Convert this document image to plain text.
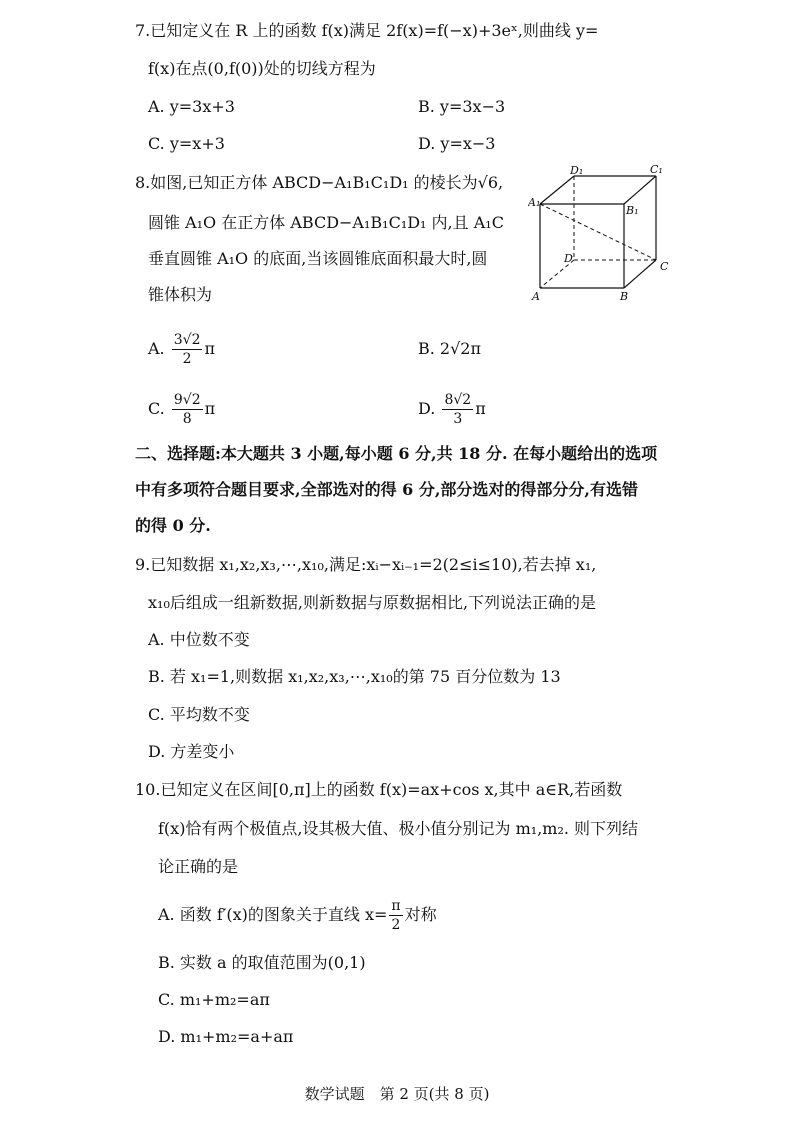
7.已知定义在 R 上的函数 f(x)满足 2f(x)=f(−x)+3eˣ,则曲线 y=
f(x)在点(0,f(0))处的切线方程为
A. y=3x+3	B. y=3x−3
C. y=x+3	D. y=x−3
8.如图,已知正方体 ABCD−A₁B₁C₁D₁ 的棱长为√6,
圆锥 A₁O 在正方体 ABCD−A₁B₁C₁D₁ 内,且 A₁C
垂直圆锥 A₁O 的底面,当该圆锥底面积最大时,圆
锥体积为
A₁
B₁
C₁
D₁
A	B
C
D
A. $\frac{3√2}{2}$ π	B. 2√2π
C. $\frac{9√2}{8}$ π	D. $\frac{8√2}{3}$ π
二、选择题:本大题共 3 小题,每小题 6 分,共 18 分. 在每小题给出的选项
中有多项符合题目要求,全部选对的得 6 分,部分选对的得部分分,有选错
的得 0 分.
9.已知数据 x₁,x₂,x₃,⋯,x₁₀,满足:xᵢ−xᵢ₋₁=2(2≤i≤10),若去掉 x₁,
x₁₀后组成一组新数据,则新数据与原数据相比,下列说法正确的是
A. 中位数不变
B. 若 x₁=1,则数据 x₁,x₂,x₃,⋯,x₁₀的第 75 百分位数为 13
C. 平均数不变
D. 方差变小
10.已知定义在区间[0,π]上的函数 f(x)=ax+cos x,其中 a∈R,若函数
f(x)恰有两个极值点,设其极大值、极小值分别记为 m₁,m₂. 则下列结
论正确的是
A. 函数 f′(x)的图象关于直线 $x= \frac{\pi}{2}$ 对称
B. 实数 a 的取值范围为(0,1)
C. m₁+m₂=aπ
D. m₁+m₂=a+aπ
数学试题　第 2 页(共 8 页)
